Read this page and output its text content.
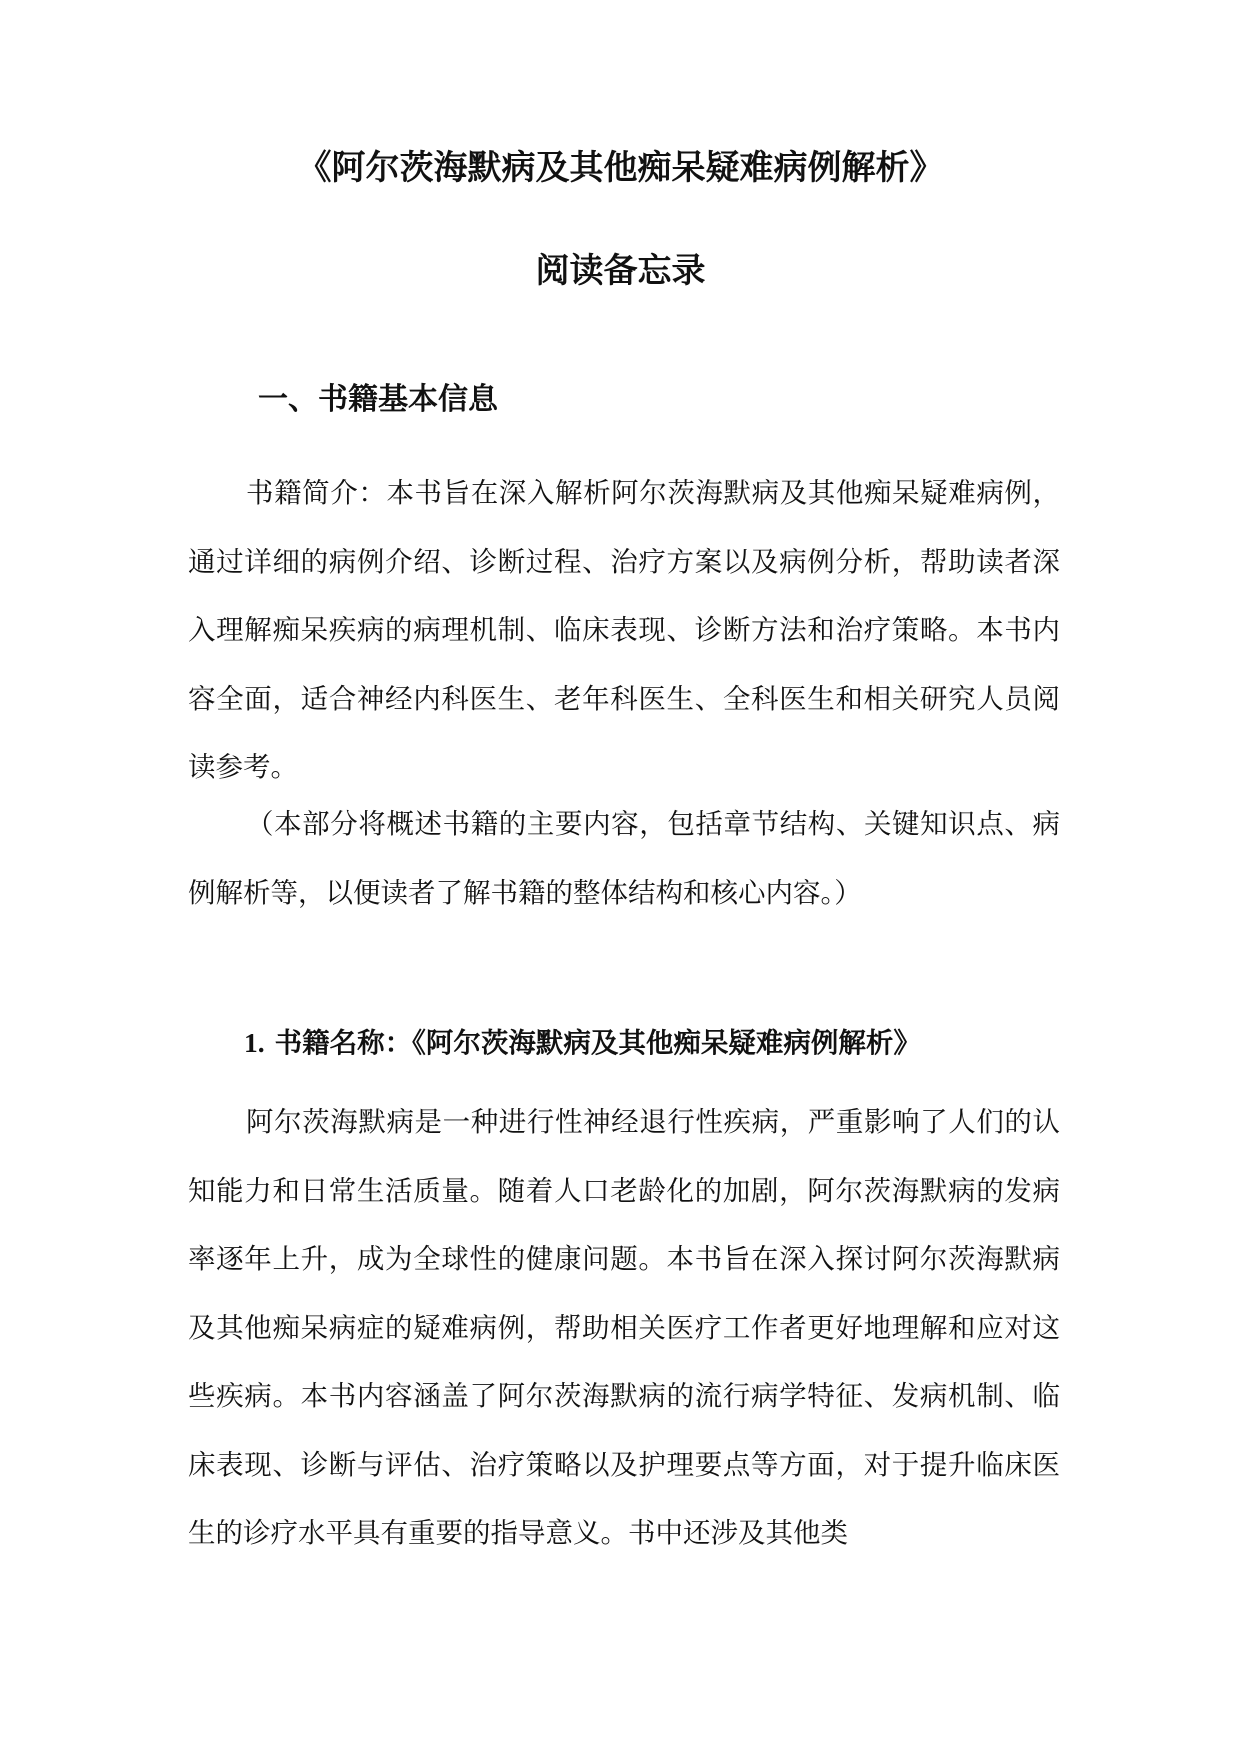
《阿尔茨海默病及其他痴呆疑难病例解析》
阅读备忘录
一、书籍基本信息

书籍简介：本书旨在深入解析阿尔茨海默病及其他痴呆疑难病例，通过详细的病例介绍、诊断过程、治疗方案以及病例分析，帮助读者深入理解痴呆疾病的病理机制、临床表现、诊断方法和治疗策略。本书内容全面，适合神经内科医生、老年科医生、全科医生和相关研究人员阅读参考。

（本部分将概述书籍的主要内容，包括章节结构、关键知识点、病例解析等，以便读者了解书籍的整体结构和核心内容。）

1. 书籍名称：《阿尔茨海默病及其他痴呆疑难病例解析》

阿尔茨海默病是一种进行性神经退行性疾病，严重影响了人们的认知能力和日常生活质量。随着人口老龄化的加剧，阿尔茨海默病的发病率逐年上升，成为全球性的健康问题。本书旨在深入探讨阿尔茨海默病及其他痴呆病症的疑难病例，帮助相关医疗工作者更好地理解和应对这些疾病。本书内容涵盖了阿尔茨海默病的流行病学特征、发病机制、临床表现、诊断与评估、治疗策略以及护理要点等方面，对于提升临床医生的诊疗水平具有重要的指导意义。书中还涉及其他类
